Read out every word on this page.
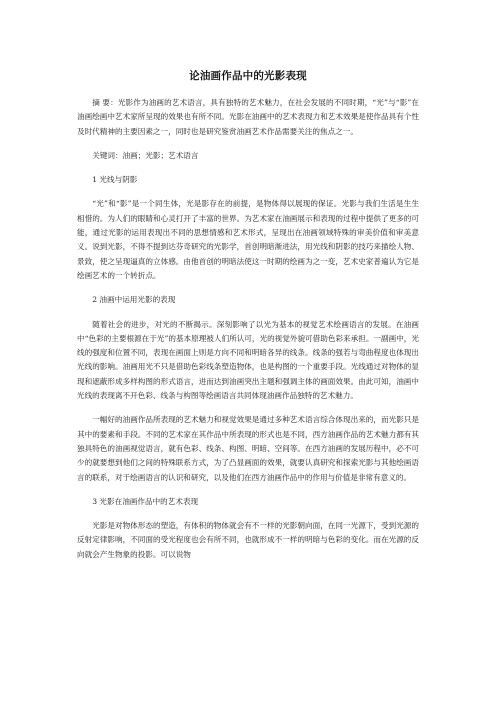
论油画作品中的光影表现

摘 要：光影作为油画的艺术语言，具有独特的艺术魅力，在社会发展的不同时期，“光”与“影”在油画绘画中艺术家所呈现的效果也有所不同。光影在油画中的艺术表现力和艺术效果是使作品具有个性及时代精神的主要因素之一，同时也是研究鉴赏油画艺术作品需要关注的焦点之一。

关键词：油画；光影；艺术语言

1 光线与阴影

“光”和“影”是一个同生体，光是影存在的前提，是物体得以展现的保证。光影与我们生活是生生相惜的。为人们的眼睛和心灵打开了丰富的世界。为艺术家在油画展示和表现的过程中提供了更多的可能，通过光影的运用表现出不同的思想情感和艺术形式，呈现出在油画领域特殊的审美价值和审美意义。说到光影，不得不提到达芬奇研究的光影学，首创明暗渐进法，用光线和阴影的技巧来描绘人物、景致，使之呈现逼真的立体感。由他首创的明暗法使这一时期的绘画为之一变，艺术史家普遍认为它是绘画艺术的一个转折点。

2 油画中运用光影的表现

随着社会的进步，对光的不断揭示。深刻影响了以光为基本的视觉艺术绘画语言的发展。在油画中“色彩的主要根源在于光”的基本原理被人们所认可，光的视觉外貌可借助色彩来承担。一副画中，光线的强度和位置不同，表现在画面上则是方向不同和明暗各异的线条。线条的强若与弯曲程度也体现出光线的影响。油画用光不只是借助色彩线条塑造物体，也是构图的一个重要手段。光线通过对物体的显现和遮蔽形成多样构图的形式语言，进而达到油画突出主题和强调主体的画面效果。由此可知，油画中光线的表现离不开色彩、线条与构图等绘画语言共同体现油画作品独特的艺术魅力。

一幅好的油画作品所表现的艺术魅力和视觉效果是通过多种艺术语言综合体现出来的，而光影只是其中的要素和手段。不同的艺术家在其作品中所表现的形式也是不同，西方油画作品的艺术魅力都有其独具特色的油画视觉语言，就有色彩、线条、构图、明暗、空间等。在西方油画的发展历程中，必不可少的就要想到他们之间的特殊联系方式，为了凸显画面的效果，就要认真研究和探索光影与其他绘画语言的联系，对于绘画语言的认识和研究，以及他们在西方油画作品中的作用与价值是非常有意义的。

3 光影在油画作品中的艺术表现

光影是对物体形态的塑造，有体积的物体就会有不一样的光影朝向面，在同一光源下，受到光源的反射定律影响，不同面的受光程度也会有所不同，也就形成不一样的明暗与色彩的变化。而在光源的反向就会产生物象的投影。可以说物
